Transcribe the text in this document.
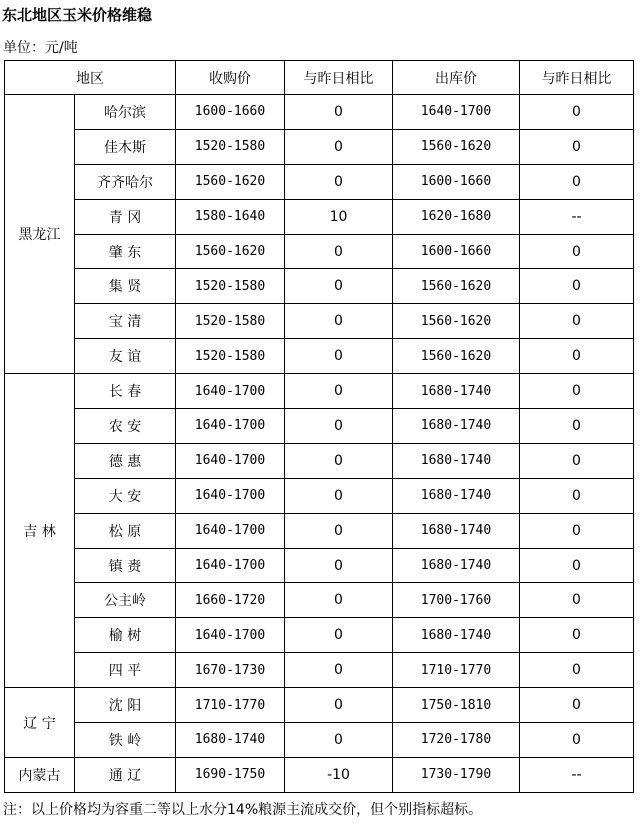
东北地区玉米价格维稳
单位：元/吨
地区		收购价	与昨日相比	出库价	与昨日相比
黑龙江	哈尔滨	1600-1660	0	1640-1700	0
	佳木斯	1520-1580	0	1560-1620	0
	齐齐哈尔	1560-1620	0	1600-1660	0
	青 冈	1580-1640	10	1620-1680	--
	肇 东	1560-1620	0	1600-1660	0
	集 贤	1520-1580	0	1560-1620	0
	宝 清	1520-1580	0	1560-1620	0
	友 谊	1520-1580	0	1560-1620	0
吉 林	长 春	1640-1700	0	1680-1740	0
	农 安	1640-1700	0	1680-1740	0
	德 惠	1640-1700	0	1680-1740	0
	大 安	1640-1700	0	1680-1740	0
	松 原	1640-1700	0	1680-1740	0
	镇 赉	1640-1700	0	1680-1740	0
	公主岭	1660-1720	0	1700-1760	0
	榆 树	1640-1700	0	1680-1740	0
	四 平	1670-1730	0	1710-1770	0
辽 宁	沈 阳	1710-1770	0	1750-1810	0
	铁 岭	1680-1740	0	1720-1780	0
内蒙古	通 辽	1690-1750	-10	1730-1790	--
注：以上价格均为容重二等以上水分14%粮源主流成交价，但个别指标超标。
